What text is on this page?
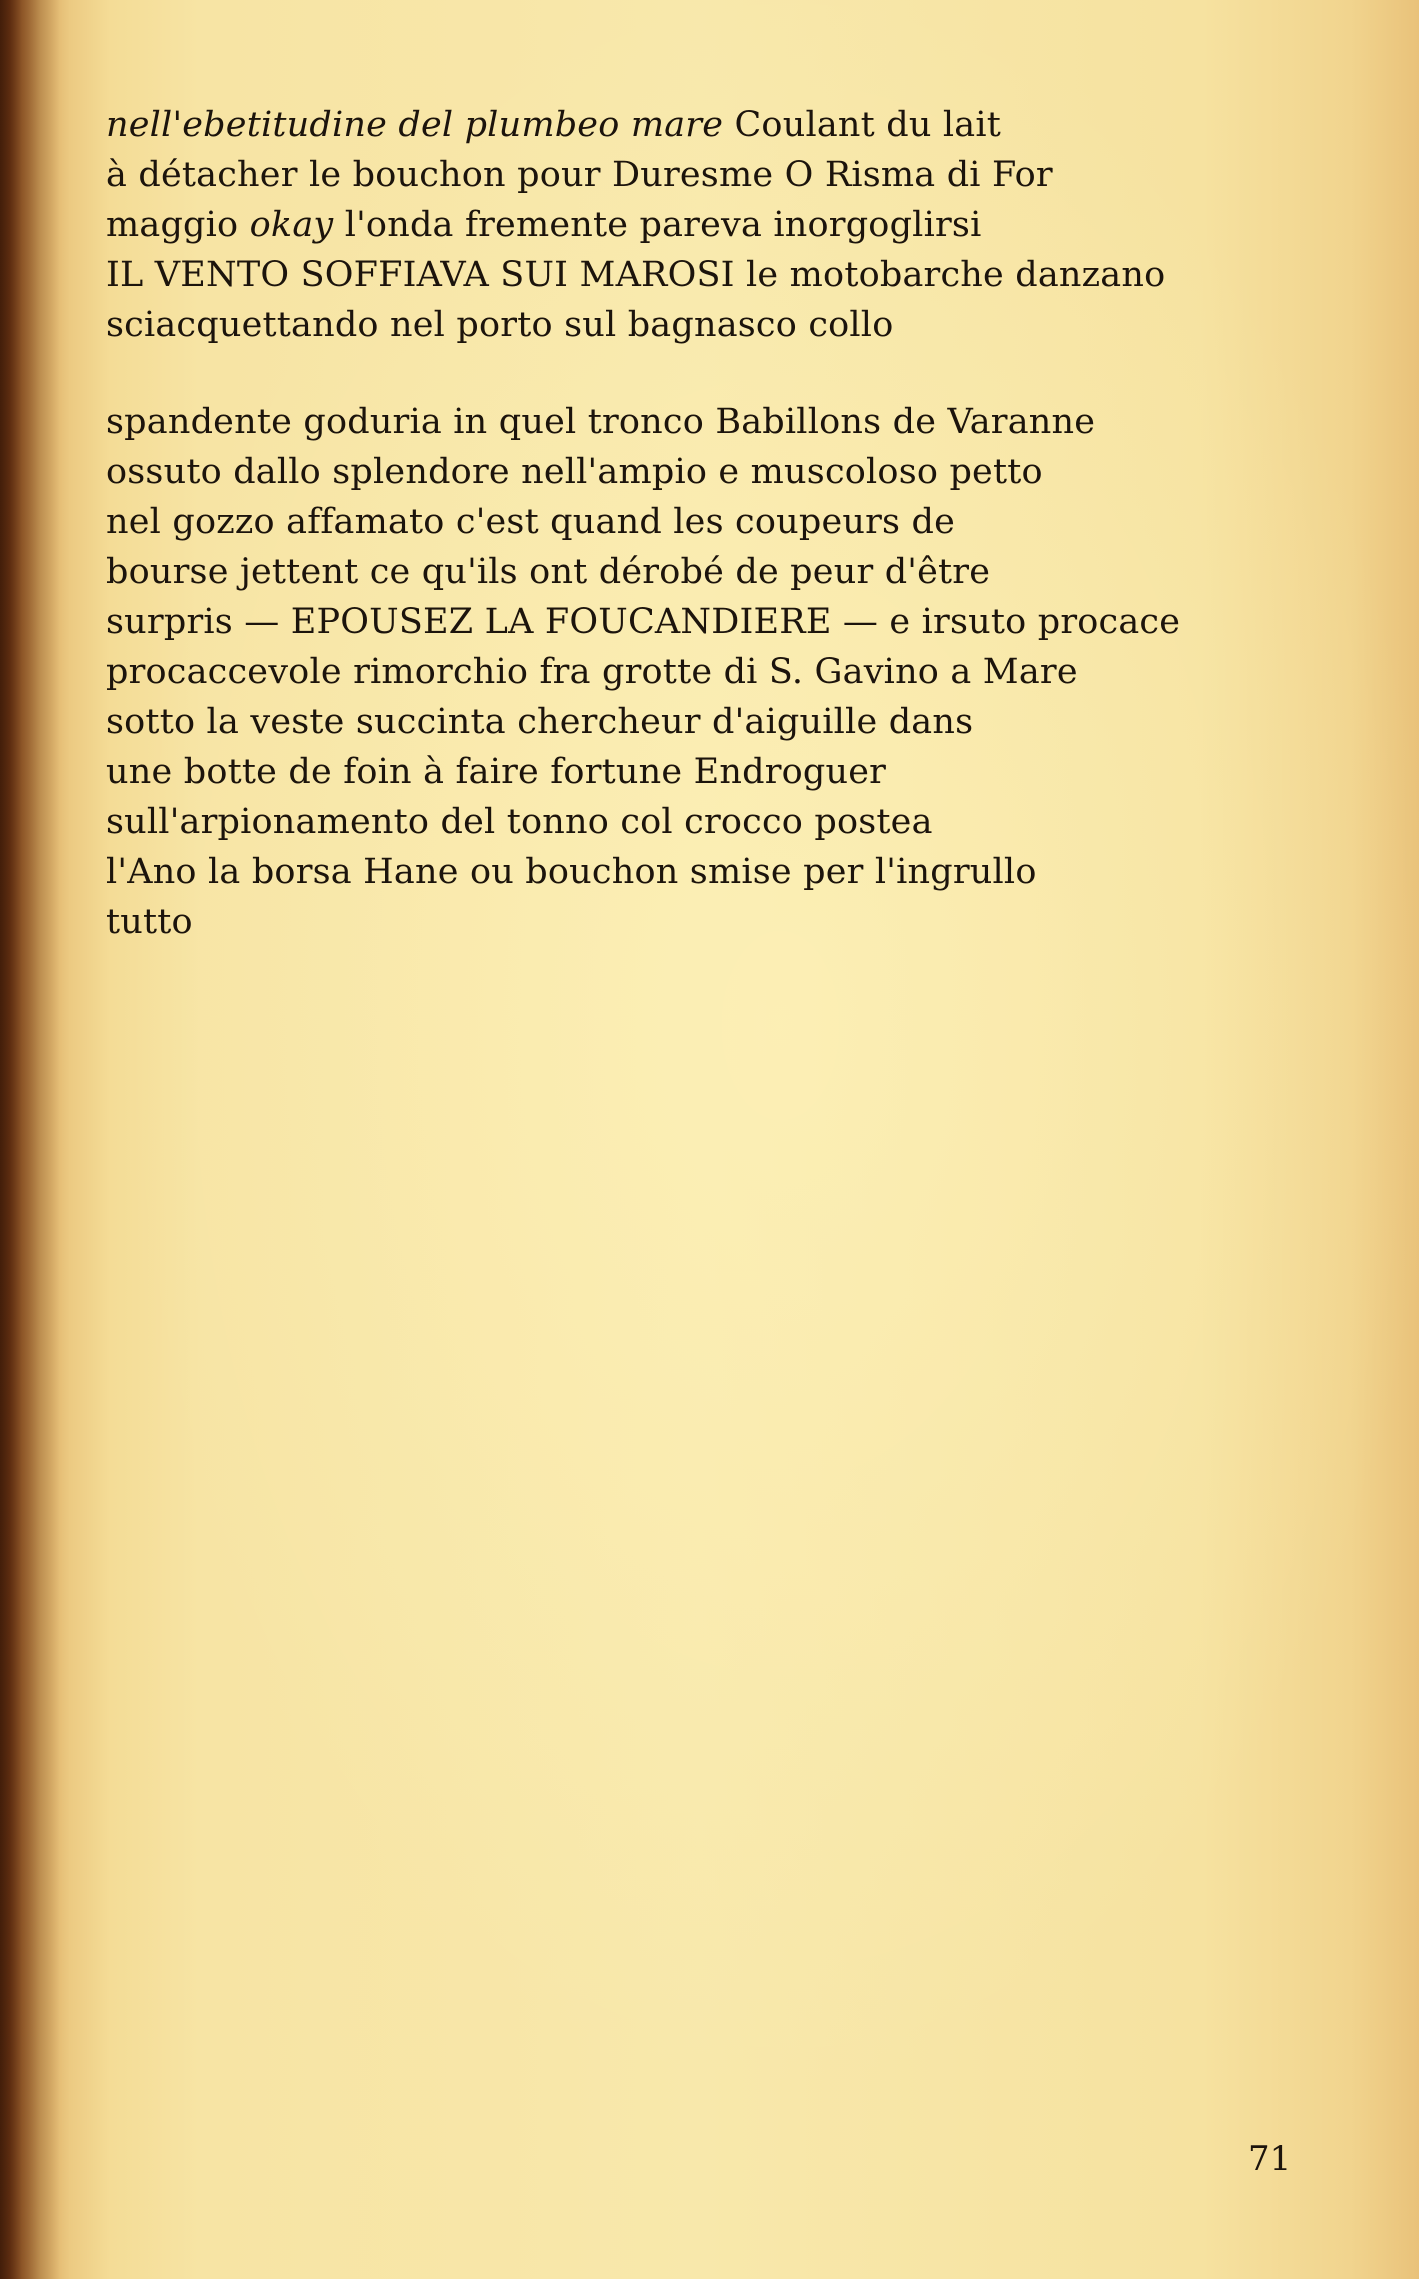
nell'ebetitudine del plumbeo mare Coulant du lait
à détacher le bouchon pour Duresme O Risma di For
maggio okay l'onda fremente pareva inorgoglirsi
IL VENTO SOFFIAVA SUI MAROSI le motobarche danzano
sciacquettando nel porto sul bagnasco collo

spandente goduria in quel tronco Babillons de Varanne
ossuto dallo splendore nell'ampio e muscoloso petto
nel gozzo affamato c'est quand les coupeurs de
bourse jettent ce qu'ils ont dérobé de peur d'être
surpris — EPOUSEZ LA FOUCANDIERE — e irsuto procace
procaccevole rimorchio fra grotte di S. Gavino a Mare
sotto la veste succinta chercheur d'aiguille dans
une botte de foin à faire fortune Endroguer
sull'arpionamento del tonno col crocco postea
l'Ano la borsa Hane ou bouchon smise per l'ingrullo
tutto

71
